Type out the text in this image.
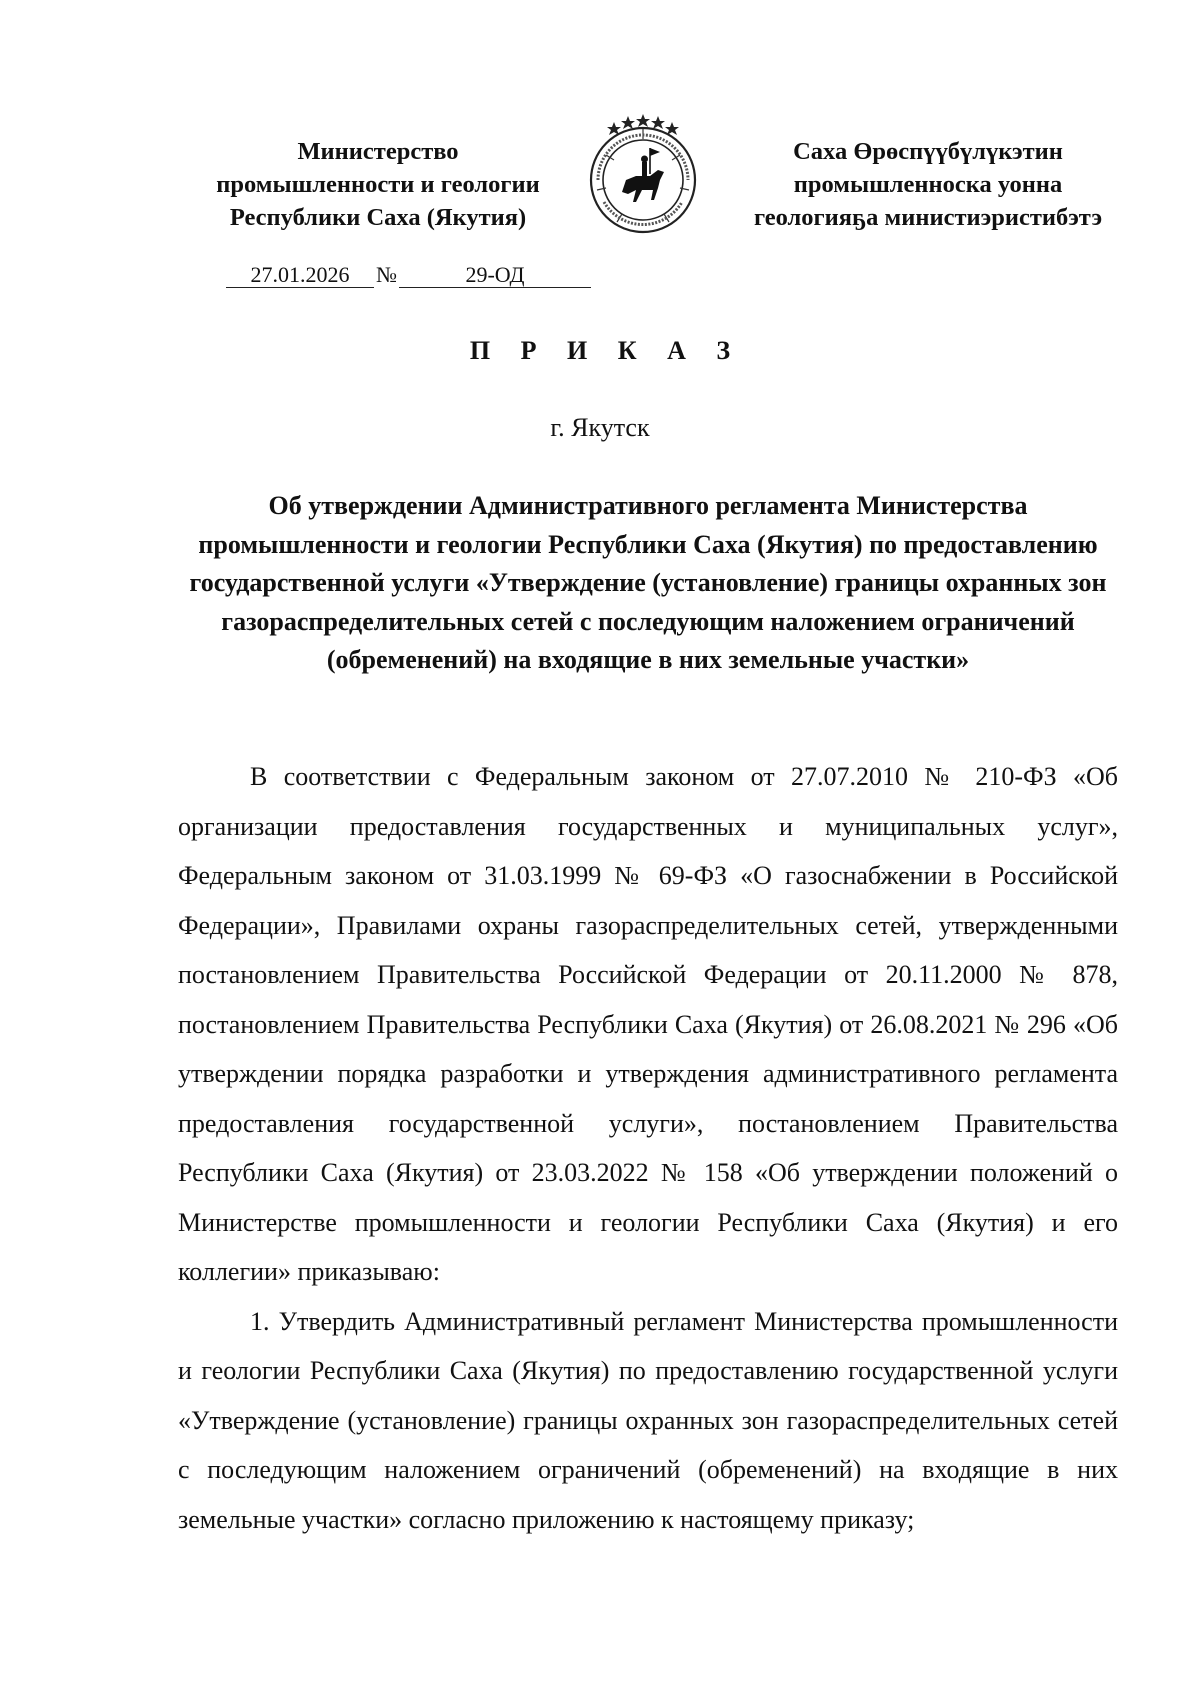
Министерство
промышленности и геологии
Республики Саха (Якутия)
Саха Өрөспүүбүлүкэтин
промышленноска уонна
геологияҕа министиэристибэтэ
27.01.2026 №	29-ОД
П Р И К А З
г. Якутск
Об утверждении Административного регламента Министерства промышленности и геологии Республики Саха (Якутия) по предоставлению государственной услуги «Утверждение (установление) границы охранных зон газораспределительных сетей с последующим наложением ограничений (обременений) на входящие в них земельные участки»

В соответствии с Федеральным законом от 27.07.2010 № 210-ФЗ «Об организации предоставления государственных и муниципальных услуг», Федеральным законом от 31.03.1999 № 69-ФЗ «О газоснабжении в Российской Федерации», Правилами охраны газораспределительных сетей, утвержденными постановлением Правительства Российской Федерации от 20.11.2000 № 878, постановлением Правительства Республики Саха (Якутия) от 26.08.2021 № 296 «Об утверждении порядка разработки и утверждения административного регламента предоставления государственной услуги», постановлением Правительства Республики Саха (Якутия) от 23.03.2022 № 158 «Об утверждении положений о Министерстве промышленности и геологии Республики Саха (Якутия) и его коллегии» приказываю:

1. Утвердить Административный регламент Министерства промышленности и геологии Республики Саха (Якутия) по предоставлению государственной услуги «Утверждение (установление) границы охранных зон газораспределительных сетей с последующим наложением ограничений (обременений) на входящие в них земельные участки» согласно приложению к настоящему приказу;
